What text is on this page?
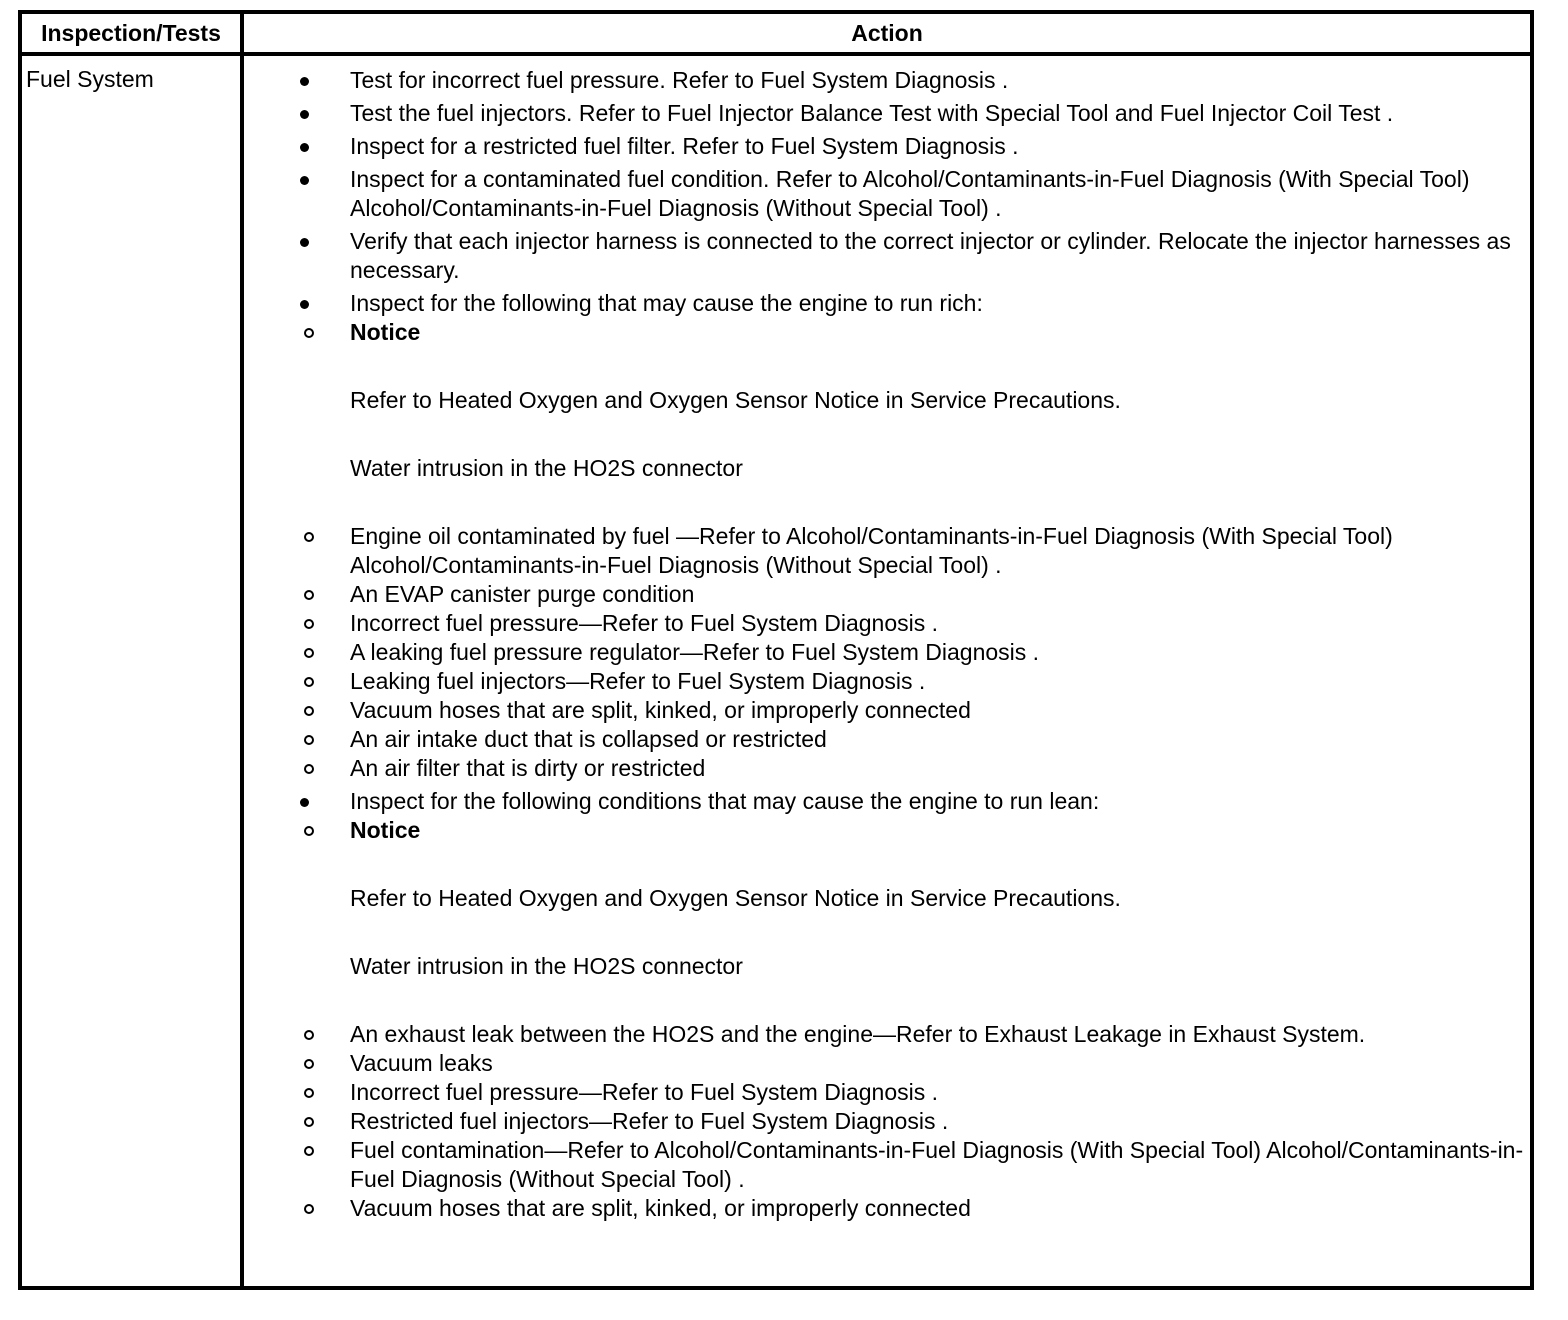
Inspection/Tests	Action
Fuel System	Test for incorrect fuel pressure. Refer to Fuel System Diagnosis .
Test the fuel injectors. Refer to Fuel Injector Balance Test with Special Tool and Fuel Injector Coil Test .
Inspect for a restricted fuel filter. Refer to Fuel System Diagnosis .
Inspect for a contaminated fuel condition. Refer to Alcohol/Contaminants-in-Fuel Diagnosis (With Special Tool) Alcohol/Contaminants-in-Fuel Diagnosis (Without Special Tool) .
Verify that each injector harness is connected to the correct injector or cylinder. Relocate the injector harnesses as necessary.
Inspect for the following that may cause the engine to run rich:
Notice
Refer to Heated Oxygen and Oxygen Sensor Notice in Service Precautions.
Water intrusion in the HO2S connector
Engine oil contaminated by fuel —Refer to Alcohol/Contaminants-in-Fuel Diagnosis (With Special Tool) Alcohol/Contaminants-in-Fuel Diagnosis (Without Special Tool) .
An EVAP canister purge condition
Incorrect fuel pressure—Refer to Fuel System Diagnosis .
A leaking fuel pressure regulator—Refer to Fuel System Diagnosis .
Leaking fuel injectors—Refer to Fuel System Diagnosis .
Vacuum hoses that are split, kinked, or improperly connected
An air intake duct that is collapsed or restricted
An air filter that is dirty or restricted
Inspect for the following conditions that may cause the engine to run lean:
Notice
Refer to Heated Oxygen and Oxygen Sensor Notice in Service Precautions.
Water intrusion in the HO2S connector
An exhaust leak between the HO2S and the engine—Refer to Exhaust Leakage in Exhaust System.
Vacuum leaks
Incorrect fuel pressure—Refer to Fuel System Diagnosis .
Restricted fuel injectors—Refer to Fuel System Diagnosis .
Fuel contamination—Refer to Alcohol/Contaminants-in-Fuel Diagnosis (With Special Tool) Alcohol/Contaminants-in-Fuel Diagnosis (Without Special Tool) .
Vacuum hoses that are split, kinked, or improperly connected
